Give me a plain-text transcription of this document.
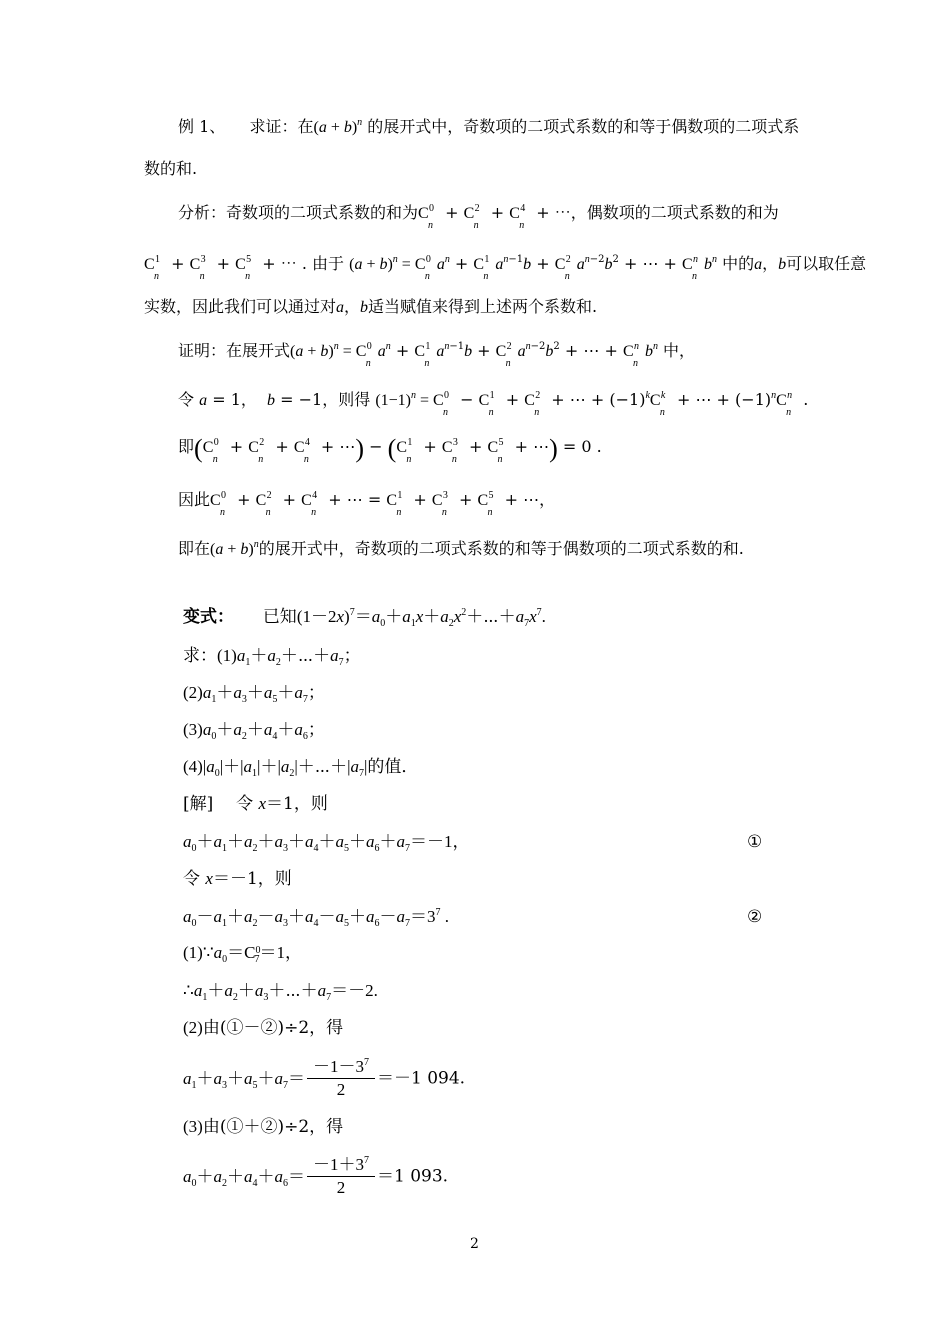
例 1、 求证：在$(a + b)^n$ 的展开式中，奇数项的二项式系数的和等于偶数项的二项式系
数的和.
分析：奇数项的二项式系数的和为C 0
n
+ C 2
n
+ C 4
n
+ ⋯，偶数项的二项式系数的和为
C 1
n
+ C 3
n
+ C 5
n
+ ⋯ . 由于 $(a + b)^n = C$ 0
n
$a^n + C$ 1
n
$a^{n-1}b + C$ 2
n
$a^{n-2}b^2$ + ⋯ + C n
n
$b^n$ 中的a，b可以取任意
实数，因此我们可以通过对a，b适当赋值来得到上述两个系数和.
证明：在展开式$(a + b)^n = C$ 0
n
$a^n + C$ 1
n
$a^{n-1}b + C$ 2
n
$a^{n-2}b^2$ + ⋯ + C n
n
$b^n$ 中，
令 a = 1，  b = −1，则得 $(1-1)^n = C$ 0
n
− C 1
n
+ C 2
n
+ ⋯ + $(-1)^kC$ k
n
+ ⋯ + $(-1)^nC$ n
n
.
即(C 0
n
+ C 2
n
+ C 4
n
+ ⋯) − (C 1
n
+ C 3
n
+ C 5
n
+ ⋯) = 0 .
因此C 0
n
+ C 2
n
+ C 4
n
+ ⋯ = C 1
n
+ C 3
n
+ C 5
n
+ ⋯，
即在$(a + b)^n$的展开式中，奇数项的二项式系数的和等于偶数项的二项式系数的和.
变式： 已知$(1-2x)^7=a_0+a_1x+a_2x^2+\cdots+a_7x^7$.
求：$(1)a_1+a_2+\cdots+a_7$；
$(2)a_1+a_3+a_5+a_7$；
$(3)a_0+a_2+a_4+a_6$；
$(4)|a_0|+|a_1|+|a_2|+\cdots+|a_7|$的值．
[解] 令 x＝1，则
$a_0+a_1+a_2+a_3+a_4+a_5+a_6+a_7=-1$，	①
令 x＝－1，则
$a_0-a_1+a_2-a_3+a_4-a_5+a_6-a_7=3^7$ .	②
$(1)\because a_0=C^0_7=1$，
$\therefore a_1+a_2+a_3+\cdots+a_7=-2$.
(2)由(①－②)÷2，得
$a_1+a_3+a_5+a_7= \frac{-1-3^7}{2} =-1$ 094.
(3)由(①＋②)÷2，得
$a_0+a_2+a_4+a_6= \frac{-1+3^7}{2} =1$ 093.
2
